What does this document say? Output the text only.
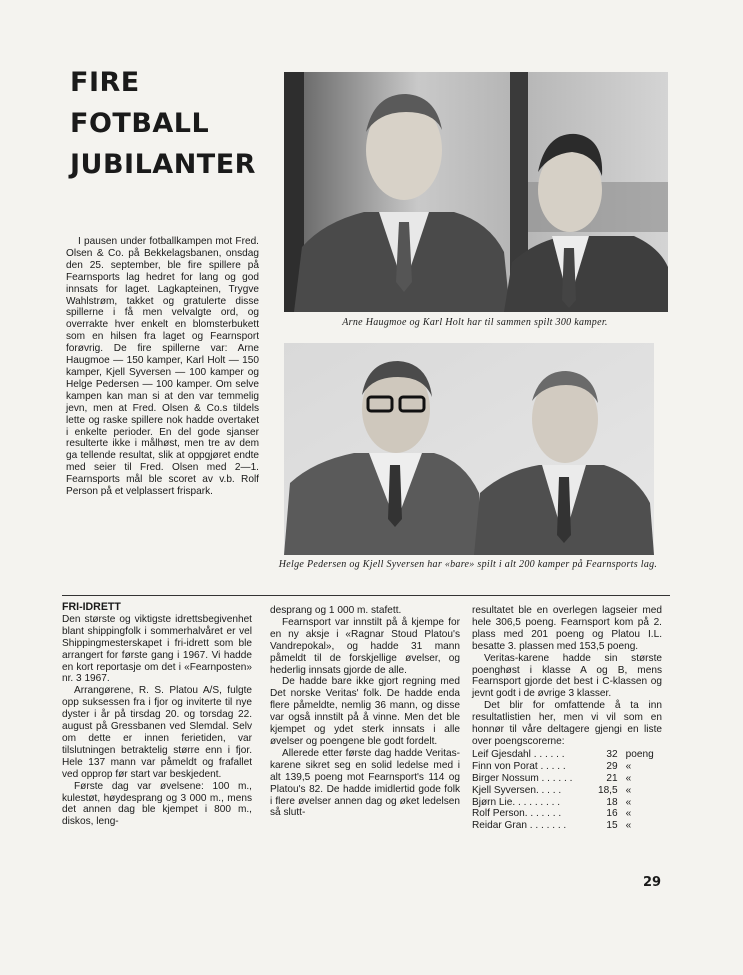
FIRE
FOTBALL
JUBILANTER

I pausen under fotballkampen mot Fred. Olsen & Co. på Bekkelagsbanen, onsdag den 25. september, ble fire spillere på Fearnsports lag hedret for lang og god innsats for laget. Lagkapteinen, Trygve Wahlstrøm, takket og gratulerte disse spillerne i få men velvalgte ord, og overrakte hver enkelt en blomsterbukett som en hilsen fra laget og Fearnsport forøvrig. De fire spillerne var: Arne Haugmoe — 150 kamper, Karl Holt — 150 kamper, Kjell Syversen — 100 kamper og Helge Pedersen — 100 kamper. Om selve kampen kan man si at den var temmelig jevn, men at Fred. Olsen & Co.s tildels lette og raske spillere nok hadde overtaket i enkelte perioder. En del gode sjanser resulterte ikke i målhøst, men tre av dem ga tellende resultat, slik at oppgjøret endte med seier til Fred. Olsen med 2—1. Fearnsports mål ble scoret av v.b. Rolf Person på et velplassert frispark.

Arne Haugmoe og Karl Holt har til sammen spilt 300 kamper.
Helge Pedersen og Kjell Syversen har «bare» spilt i alt 200 kamper på Fearnsports lag.
FRI-IDRETT

Den største og viktigste idrettsbegivenhet blant shippingfolk i sommerhalvåret er vel Shippingmesterskapet i fri-idrett som ble arrangert for første gang i 1967. Vi hadde en kort reportasje om det i «Fearnposten» nr. 3 1967.

Arrangørene, R. S. Platou A/S, fulgte opp suksessen fra i fjor og inviterte til nye dyster i år på tirsdag 20. og torsdag 22. august på Gressbanen ved Slemdal. Selv om dette er innen ferietiden, var tilslutningen betraktelig større enn i fjor. Hele 137 mann var påmeldt og frafallet ved opprop før start var beskjedent.

Første dag var øvelsene: 100 m., kulestøt, høydesprang og 3 000 m., mens det annen dag ble kjempet i 800 m., diskos, leng-

desprang og 1 000 m. stafett.

Fearnsport var innstilt på å kjempe for en ny aksje i «Ragnar Stoud Platou's Vandrepokal», og hadde 31 mann påmeldt til de forskjellige øvelser, og hederlig innsats gjorde de alle.

De hadde bare ikke gjort regning med Det norske Veritas' folk. De hadde enda flere påmeldte, nemlig 36 mann, og disse var også innstilt på å vinne. Men det ble kjempet og ydet sterk innsats i alle øvelser og poengene ble godt fordelt.

Allerede etter første dag hadde Veritas-karene sikret seg en solid ledelse med i alt 139,5 poeng mot Fearnsport's 114 og Platou's 82. De hadde imidlertid gode folk i flere øvelser annen dag og øket ledelsen så slutt-

resultatet ble en overlegen lagseier med hele 306,5 poeng. Fearnsport kom på 2. plass med 201 poeng og Platou I.L. besatte 3. plassen med 153,5 poeng.

Veritas-karene hadde sin største poenghøst i klasse A og B, mens Fearnsport gjorde det best i C-klassen og jevnt godt i de øvrige 3 klasser.

Det blir for omfattende å ta inn resultatlistien her, men vi vil som en honnør til våre deltagere gjengi en liste over poengscorerne:

Leif Gjesdahl . . . . . .	32 poeng
Finn von Porat . . . . .	29 «
Birger Nossum . . . . . .	21 «
Kjell Syversen. . . . .	18,5 «
Bjørn Lie. . . . . . . . .	18 «
Rolf Person. . . . . . .	16 «
Reidar Gran . . . . . . .	15 «
29
